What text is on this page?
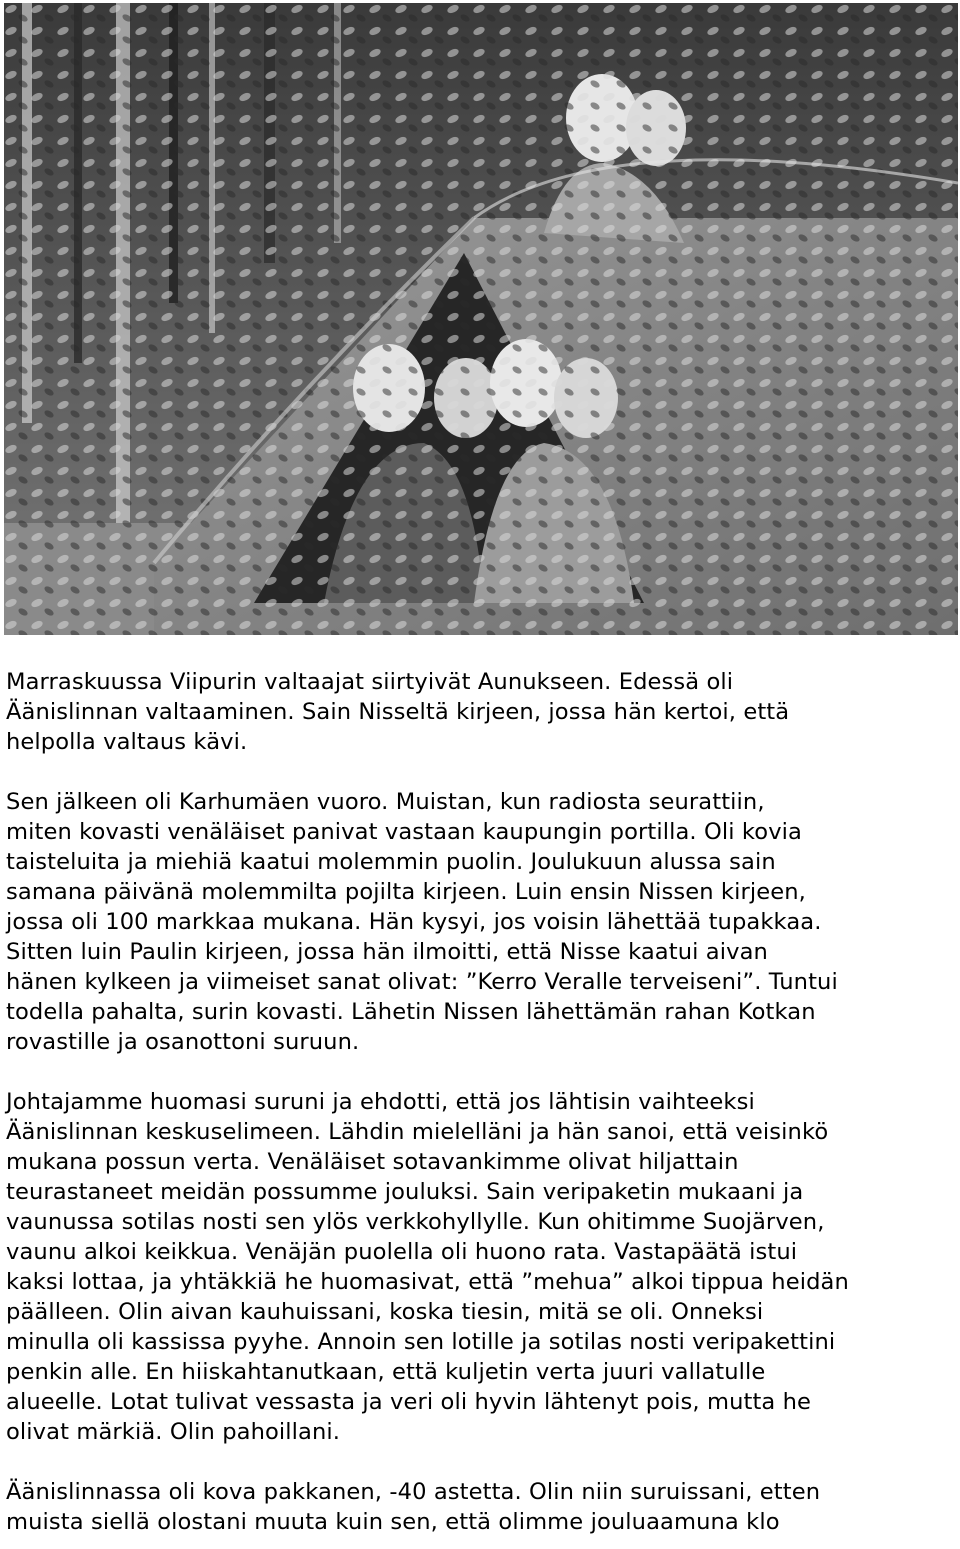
Marraskuussa Viipurin valtaajat siirtyivät Aunukseen. Edessä oli
Äänislinnan valtaaminen. Sain Nisseltä kirjeen, jossa hän kertoi, että
helpolla valtaus kävi.

Sen jälkeen oli Karhumäen vuoro. Muistan, kun radiosta seurattiin,
miten kovasti venäläiset panivat vastaan kaupungin portilla. Oli kovia
taisteluita ja miehiä kaatui molemmin puolin. Joulukuun alussa sain
samana päivänä molemmilta pojilta kirjeen. Luin ensin Nissen kirjeen,
jossa oli 100 markkaa mukana. Hän kysyi, jos voisin lähettää tupakkaa.
Sitten luin Paulin kirjeen, jossa hän ilmoitti, että Nisse kaatui aivan
hänen kylkeen ja viimeiset sanat olivat: ”Kerro Veralle terveiseni”. Tuntui
todella pahalta, surin kovasti. Lähetin Nissen lähettämän rahan Kotkan
rovastille ja osanottoni suruun.

Johtajamme huomasi suruni ja ehdotti, että jos lähtisin vaihteeksi
Äänislinnan keskuselimeen. Lähdin mielelläni ja hän sanoi, että veisinkö
mukana possun verta. Venäläiset sotavankimme olivat hiljattain
teurastaneet meidän possumme jouluksi. Sain veripaketin mukaani ja
vaunussa sotilas nosti sen ylös verkkohyllylle. Kun ohitimme Suojärven,
vaunu alkoi keikkua. Venäjän puolella oli huono rata. Vastapäätä istui
kaksi lottaa, ja yhtäkkiä he huomasivat, että ”mehua” alkoi tippua heidän
päälleen. Olin aivan kauhuissani, koska tiesin, mitä se oli. Onneksi
minulla oli kassissa pyyhe. Annoin sen lotille ja sotilas nosti veripakettini
penkin alle. En hiiskahtanutkaan, että kuljetin verta juuri vallatulle
alueelle. Lotat tulivat vessasta ja veri oli hyvin lähtenyt pois, mutta he
olivat märkiä. Olin pahoillani.

Äänislinnassa oli kova pakkanen, -40 astetta. Olin niin suruissani, etten
muista siellä olostani muuta kuin sen, että olimme jouluaamuna klo
